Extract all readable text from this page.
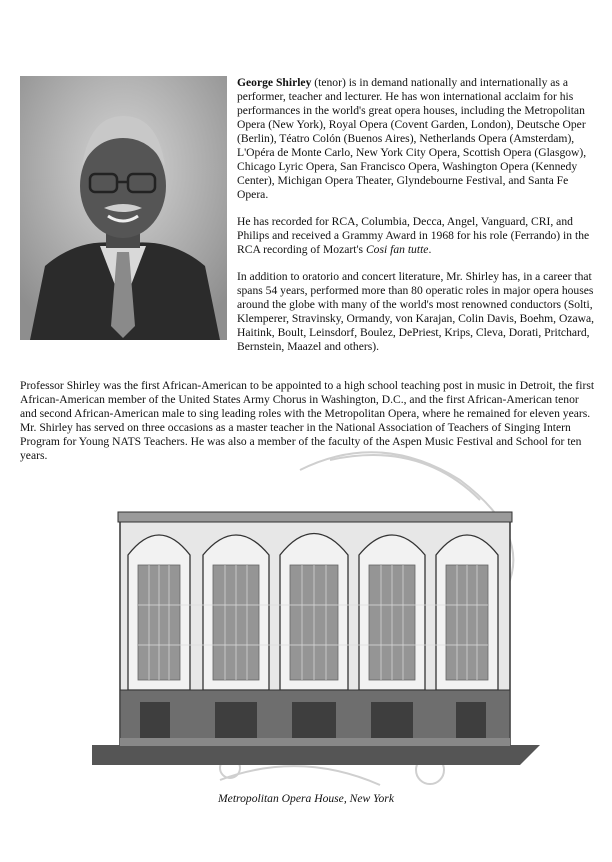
George Shirley (tenor) is in demand nationally and internationally as a performer, teacher and lecturer. He has won international acclaim for his performances in the world's great opera houses, including the Metropolitan Opera (New York), Royal Opera (Covent Garden, London), Deutsche Oper (Berlin), Téatro Colón (Buenos Aires), Netherlands Opera (Amsterdam), L'Opéra de Monte Carlo, New York City Opera, Scottish Opera (Glasgow), Chicago Lyric Opera, San Francisco Opera, Washington Opera (Kennedy Center), Michigan Opera Theater, Glyndebourne Festival, and Santa Fe Opera.

He has recorded for RCA, Columbia, Decca, Angel, Vanguard, CRI, and Philips and received a Grammy Award in 1968 for his role (Ferrando) in the RCA recording of Mozart's Cosi fan tutte.

In addition to oratorio and concert literature, Mr. Shirley has, in a career that spans 54 years, performed more than 80 operatic roles in major opera houses around the globe with many of the world's most renowned conductors (Solti, Klemperer, Stravinsky, Ormandy, von Karajan, Colin Davis, Boehm, Ozawa, Haitink, Boult, Leinsdorf, Boulez, DePriest, Krips, Cleva, Dorati, Pritchard, Bernstein, Maazel and others).

Professor Shirley was the first African-American to be appointed to a high school teaching post in music in Detroit, the first African-American member of the United States Army Chorus in Washington, D.C., and the first African-American tenor and second African-American male to sing leading roles with the Metropolitan Opera, where he remained for eleven years. Mr. Shirley has served on three occasions as a master teacher in the National Association of Teachers of Singing Intern Program for Young NATS Teachers. He was also a member of the faculty of the Aspen Music Festival and School for ten years.

Metropolitan Opera House, New York
